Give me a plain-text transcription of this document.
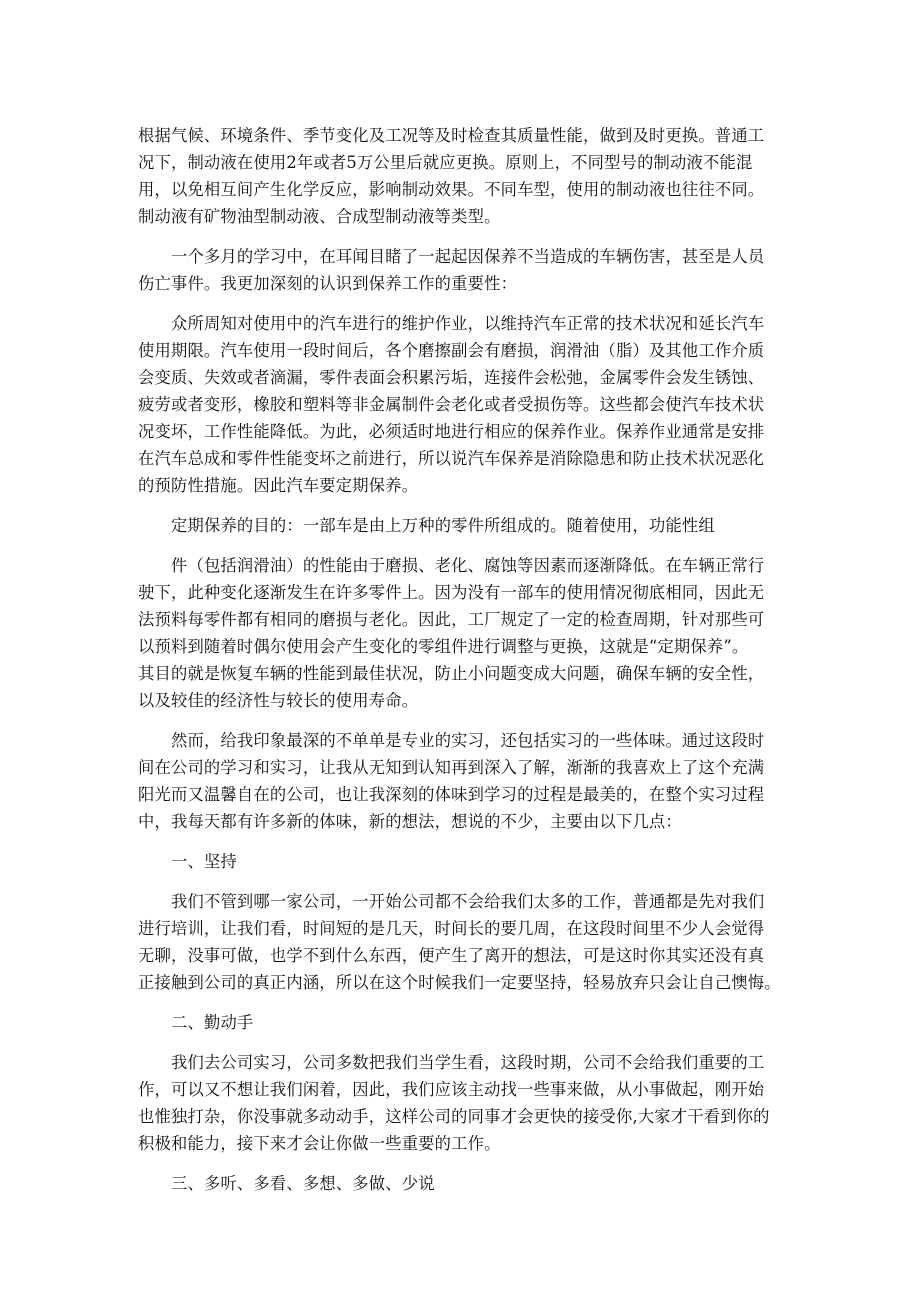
根据气候、环境条件、季节变化及工况等及时检查其质量性能，做到及时更换。普通工

况下，制动液在使用2年或者5万公里后就应更换。原则上，不同型号的制动液不能混

用，以免相互间产生化学反应，影响制动效果。不同车型，使用的制动液也往往不同。

制动液有矿物油型制动液、合成型制动液等类型。

一个多月的学习中，在耳闻目睹了一起起因保养不当造成的车辆伤害，甚至是人员

伤亡事件。我更加深刻的认识到保养工作的重要性：

众所周知对使用中的汽车进行的维护作业，以维持汽车正常的技术状况和延长汽车

使用期限。汽车使用一段时间后，各个磨擦副会有磨损，润滑油（脂）及其他工作介质

会变质、失效或者滴漏，零件表面会积累污垢，连接件会松弛，金属零件会发生锈蚀、

疲劳或者变形，橡胶和塑料等非金属制件会老化或者受损伤等。这些都会使汽车技术状

况变坏，工作性能降低。为此，必须适时地进行相应的保养作业。保养作业通常是安排

在汽车总成和零件性能变坏之前进行，所以说汽车保养是消除隐患和防止技术状况恶化

的预防性措施。因此汽车要定期保养。

定期保养的目的：一部车是由上万种的零件所组成的。随着使用，功能性组

件（包括润滑油）的性能由于磨损、老化、腐蚀等因素而逐渐降低。在车辆正常行

驶下，此种变化逐渐发生在许多零件上。因为没有一部车的使用情况彻底相同，因此无

法预料每零件都有相同的磨损与老化。因此，工厂规定了一定的检查周期，针对那些可

以预料到随着时偶尔使用会产生变化的零组件进行调整与更换，这就是“定期保养”。

其目的就是恢复车辆的性能到最佳状况，防止小问题变成大问题，确保车辆的安全性，

以及较佳的经济性与较长的使用寿命。

然而，给我印象最深的不单单是专业的实习，还包括实习的一些体味。通过这段时

间在公司的学习和实习，让我从无知到认知再到深入了解，渐渐的我喜欢上了这个充满

阳光而又温馨自在的公司，也让我深刻的体味到学习的过程是最美的，在整个实习过程

中，我每天都有许多新的体味，新的想法，想说的不少，主要由以下几点：

一、坚持

我们不管到哪一家公司，一开始公司都不会给我们太多的工作，普通都是先对我们

进行培训，让我们看，时间短的是几天，时间长的要几周，在这段时间里不少人会觉得

无聊，没事可做，也学不到什么东西，便产生了离开的想法，可是这时你其实还没有真

正接触到公司的真正内涵，所以在这个时候我们一定要坚持，轻易放弃只会让自己懊悔。

二、勤动手

我们去公司实习，公司多数把我们当学生看，这段时期，公司不会给我们重要的工

作，可以又不想让我们闲着，因此，我们应该主动找一些事来做，从小事做起，刚开始

也惟独打杂，你没事就多动动手，这样公司的同事才会更快的接受你,大家才干看到你的

积极和能力，接下来才会让你做一些重要的工作。

三、多听、多看、多想、多做、少说
